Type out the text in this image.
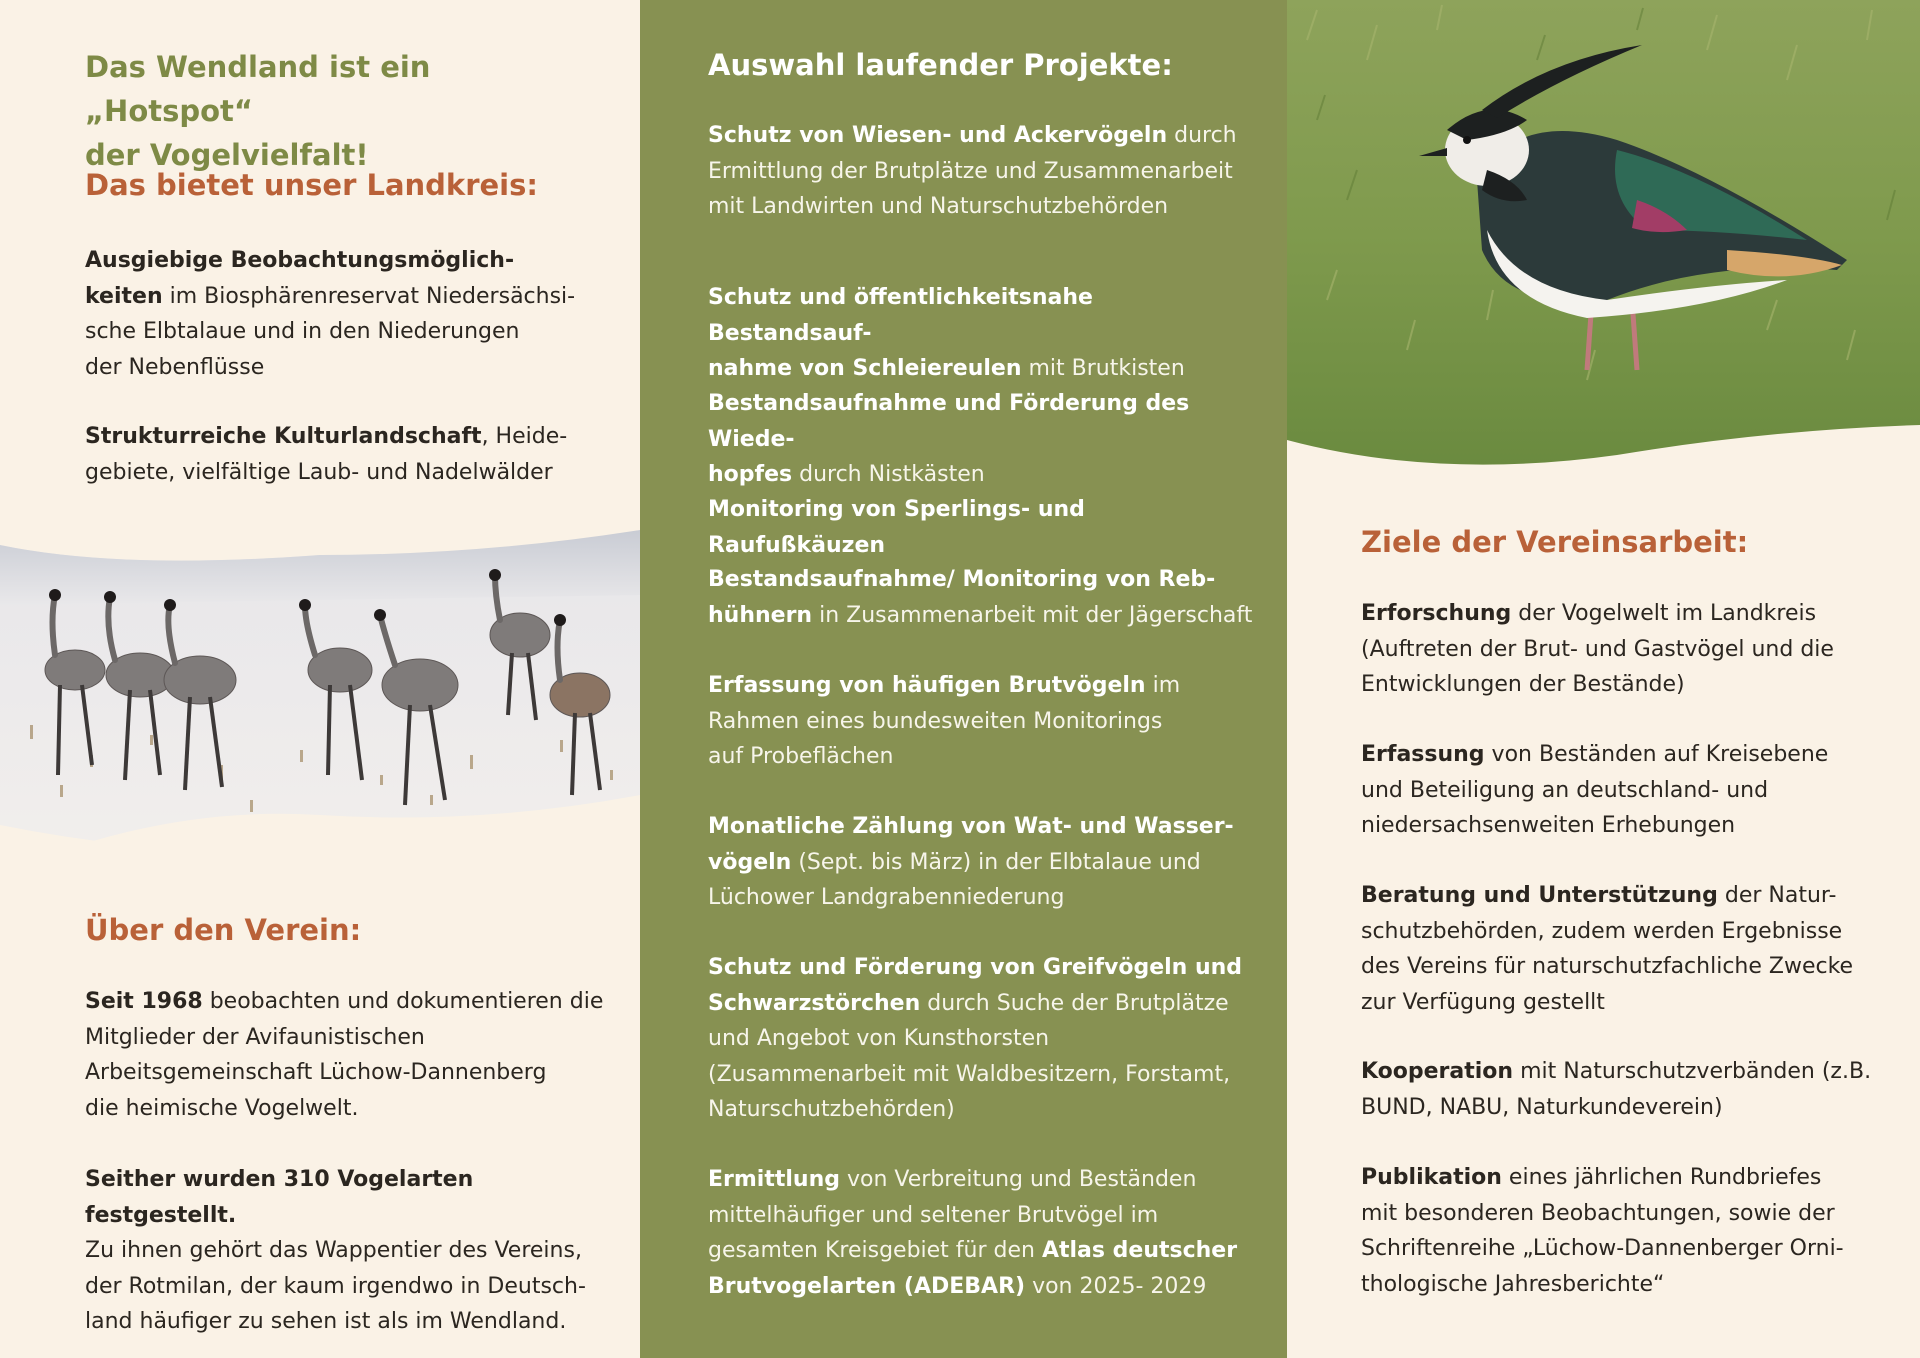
Das Wendland ist ein „Hotspot“

der Vogelvielfalt!

Das bietet unser Landkreis:

Ausgiebige Beobachtungsmöglich-

keiten im Biosphärenreservat Niedersächsi-

sche Elbtalaue und in den Niederungen

der Nebenflüsse

Strukturreiche Kulturlandschaft, Heide-

gebiete, vielfältige Laub- und Nadelwälder

Über den Verein:

Seit 1968 beobachten und dokumentieren die

Mitglieder der Avifaunistischen

Arbeitsgemeinschaft Lüchow-Dannenberg

die heimische Vogelwelt.

Seither wurden 310 Vogelarten festgestellt.

Zu ihnen gehört das Wappentier des Vereins,

der Rotmilan, der kaum irgendwo in Deutsch-

land häufiger zu sehen ist als im Wendland.

Auswahl laufender Projekte:
Schutz von Wiesen- und Ackervögeln durch
Ermittlung der Brutplätze und Zusammenarbeit
mit Landwirten und Naturschutzbehörden
Schutz und öffentlichkeitsnahe Bestandsauf-
nahme von Schleiereulen mit Brutkisten
Bestandsaufnahme und Förderung des Wiede-
hopfes durch Nistkästen
Monitoring von Sperlings- und Raufußkäuzen
Bestandsaufnahme/ Monitoring von Reb-
hühnern in Zusammenarbeit mit der Jägerschaft
Erfassung von häufigen Brutvögeln im
Rahmen eines bundesweiten Monitorings
auf Probeflächen
Monatliche Zählung von Wat- und Wasser-
vögeln (Sept. bis März) in der Elbtalaue und
Lüchower Landgrabenniederung
Schutz und Förderung von Greifvögeln und
Schwarzstörchen durch Suche der Brutplätze
und Angebot von Kunsthorsten
(Zusammenarbeit mit Waldbesitzern, Forstamt,
Naturschutzbehörden)
Ermittlung von Verbreitung und Beständen
mittelhäufiger und seltener Brutvögel im
gesamten Kreisgebiet für den Atlas deutscher
Brutvogelarten (ADEBAR) von 2025- 2029
Ziele der Vereinsarbeit:
Erforschung der Vogelwelt im Landkreis
(Auftreten der Brut- und Gastvögel und die
Entwicklungen der Bestände)
Erfassung von Beständen auf Kreisebene
und Beteiligung an deutschland- und
niedersachsenweiten Erhebungen
Beratung und Unterstützung der Natur-
schutzbehörden, zudem werden Ergebnisse
des Vereins für naturschutzfachliche Zwecke
zur Verfügung gestellt
Kooperation mit Naturschutzverbänden (z.B.
BUND, NABU, Naturkundeverein)
Publikation eines jährlichen Rundbriefes
mit besonderen Beobachtungen, sowie der
Schriftenreihe „Lüchow-Dannenberger Orni-
thologische Jahresberichte“
